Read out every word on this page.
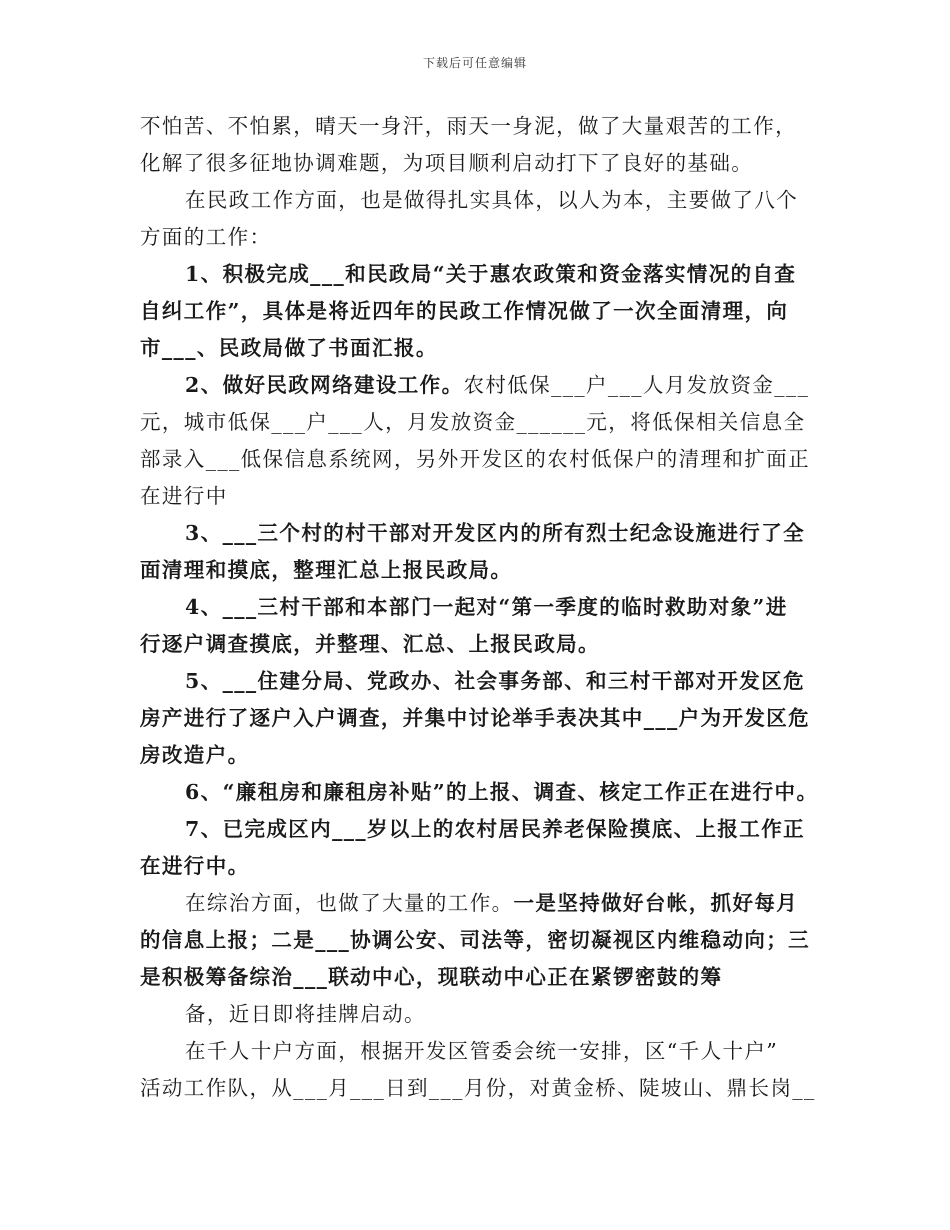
下载后可任意编辑
不怕苦、不怕累，晴天一身汗，雨天一身泥，做了大量艰苦的工作，
化解了很多征地协调难题，为项目顺利启动打下了良好的基础。
在民政工作方面，也是做得扎实具体，以人为本，主要做了八个
方面的工作：
1、积极完成___和民政局“关于惠农政策和资金落实情况的自查
自纠工作”，具体是将近四年的民政工作情况做了一次全面清理，向
市___、民政局做了书面汇报。
2、做好民政网络建设工作。农村低保___户___人月发放资金___
元，城市低保___户___人，月发放资金______元，将低保相关信息全
部录入___低保信息系统网，另外开发区的农村低保户的清理和扩面正
在进行中
3、___三个村的村干部对开发区内的所有烈士纪念设施进行了全
面清理和摸底，整理汇总上报民政局。
4、___三村干部和本部门一起对“第一季度的临时救助对象”进
行逐户调查摸底，并整理、汇总、上报民政局。
5、___住建分局、党政办、社会事务部、和三村干部对开发区危
房产进行了逐户入户调查，并集中讨论举手表决其中___户为开发区危
房改造户。
6、“廉租房和廉租房补贴”的上报、调查、核定工作正在进行中。
7、已完成区内___岁以上的农村居民养老保险摸底、上报工作正
在进行中。
在综治方面，也做了大量的工作。一是坚持做好台帐，抓好每月
的信息上报；二是___协调公安、司法等，密切凝视区内维稳动向；三
是积极筹备综治___联动中心，现联动中心正在紧锣密鼓的筹
备，近日即将挂牌启动。
在千人十户方面，根据开发区管委会统一安排，区“千人十户”
活动工作队，从___月___日到___月份，对黄金桥、陡坡山、鼎长岗__
